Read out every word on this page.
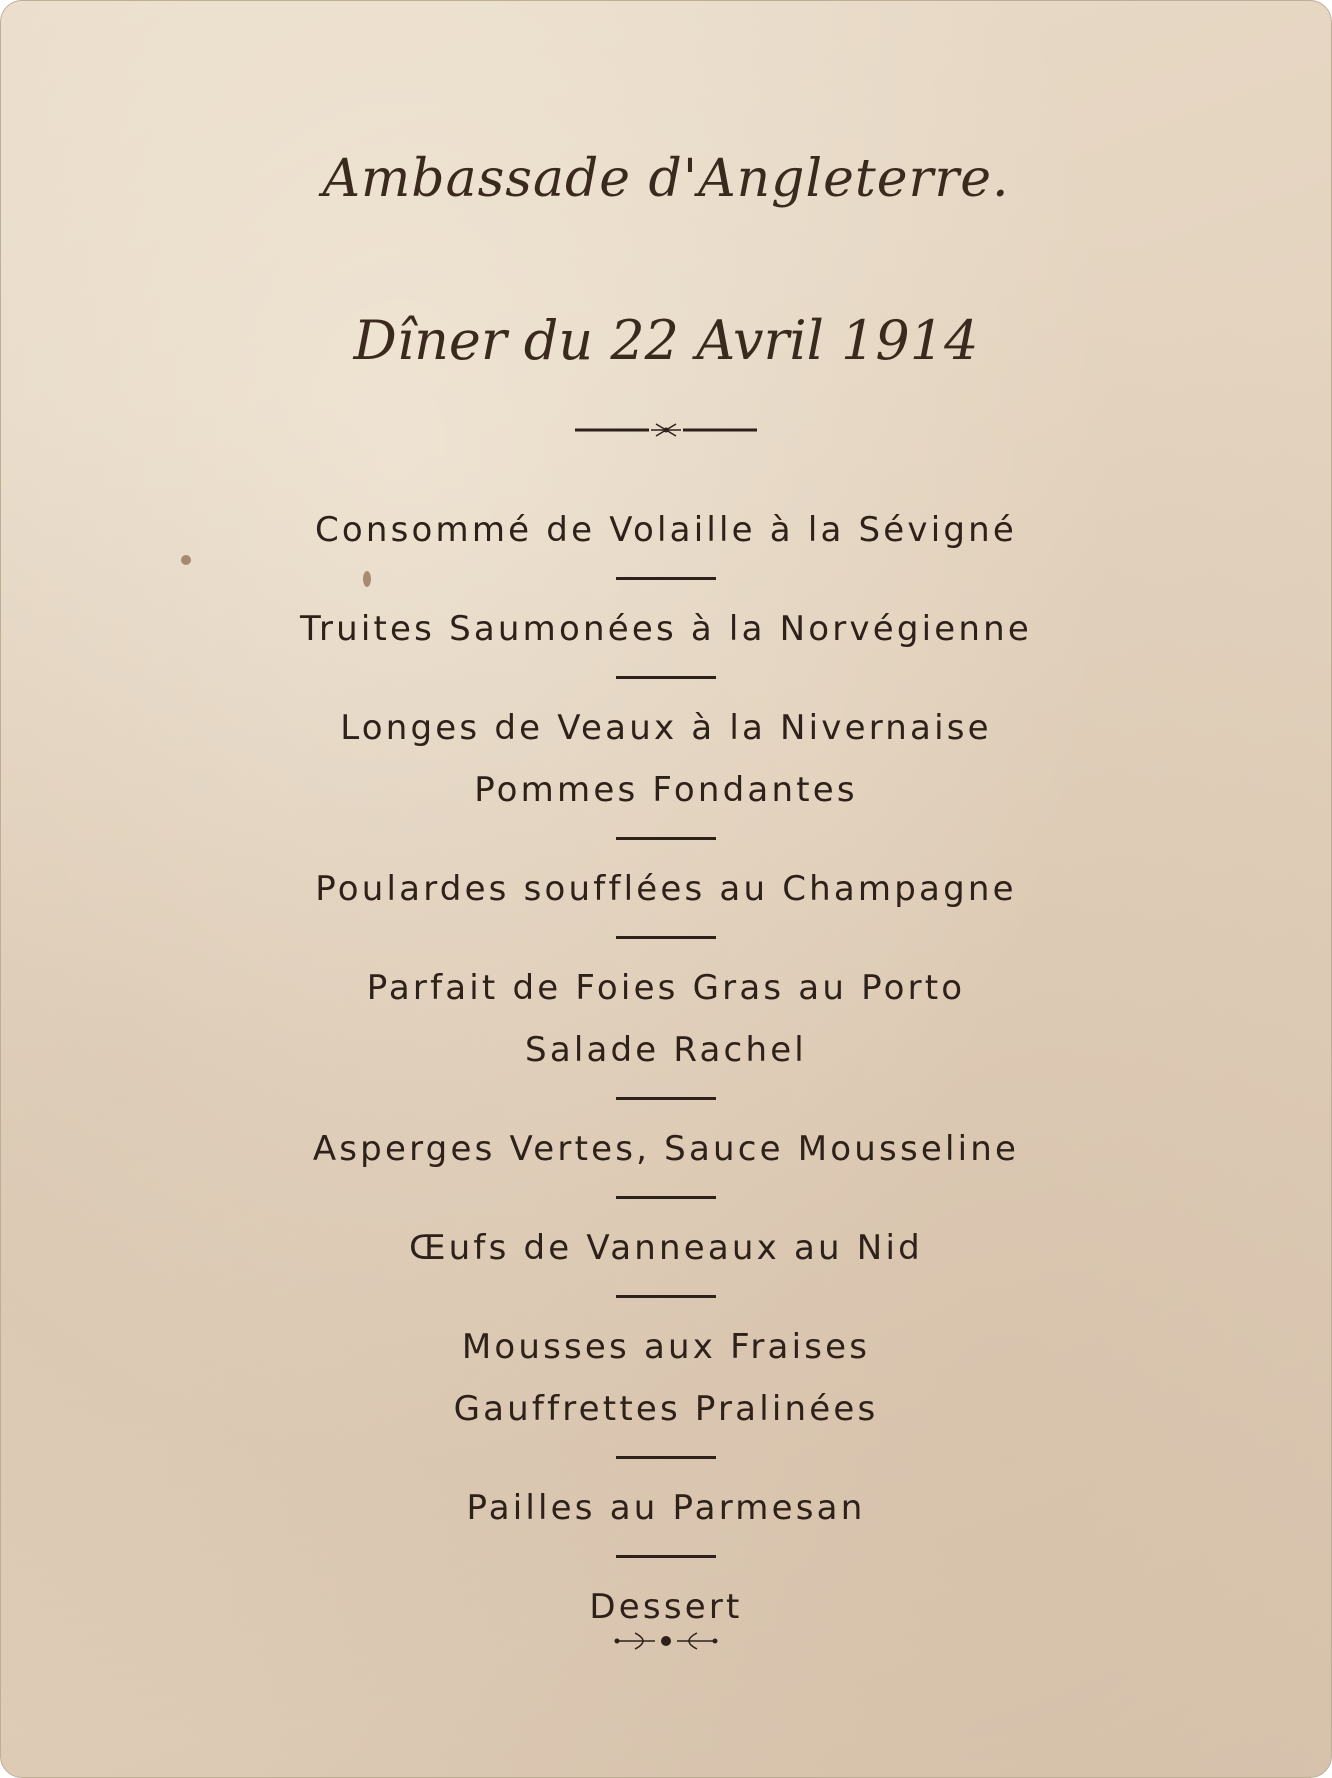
Ambassade d'Angleterre.
Dîner du 22 Avril 1914
Consommé de Volaille à la Sévigné
Truites Saumonées à la Norvégienne
Longes de Veaux à la Nivernaise
Pommes Fondantes
Poulardes soufflées au Champagne
Parfait de Foies Gras au Porto
Salade Rachel
Asperges Vertes, Sauce Mousseline
Œufs de Vanneaux au Nid
Mousses aux Fraises
Gauffrettes Pralinées
Pailles au Parmesan
Dessert
